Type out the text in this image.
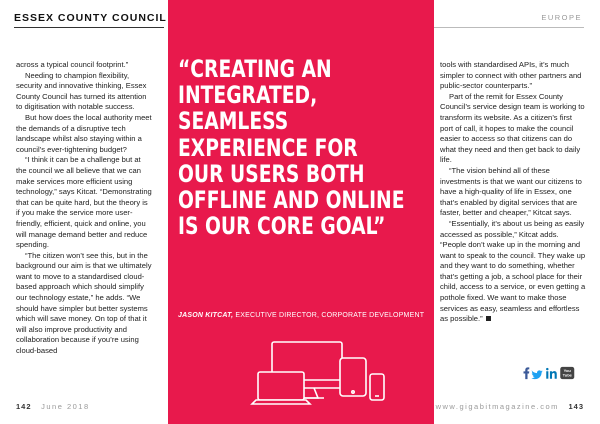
ESSEX COUNTY COUNCIL	EUROPE

across a typical council footprint.”

Needing to champion flexibility, security and innovative thinking, Essex County Council has turned its attention to digitisation with notable success.

But how does the local authority meet the demands of a disruptive tech landscape whilst also staying within a council’s ever-tightening budget?

“I think it can be a challenge but at the council we all believe that we can make services more efficient using technology,” says Kitcat. “Demonstrating that can be quite hard, but the theory is if you make the service more user-friendly, efficient, quick and online, you will manage demand better and reduce spending.

“The citizen won’t see this, but in the background our aim is that we ultimately want to move to a standardised cloud-based approach which should simplify our technology estate,” he adds. “We should have simpler but better systems which will save money. On top of that it will also improve productivity and collaboration because if you’re using cloud-based

“CREATING AN
INTEGRATED,
SEAMLESS
EXPERIENCE FOR
OUR USERS BOTH
OFFLINE AND ONLINE
IS OUR CORE GOAL”
JASON KITCAT, EXECUTIVE DIRECTOR, CORPORATE DEVELOPMENT

tools with standardised APIs, it’s much simpler to connect with other partners and public-sector counterparts.”

Part of the remit for Essex County Council’s service design team is working to transform its website. As a citizen’s first port of call, it hopes to make the council easier to access so that citizens can do what they need and then get back to daily life.

“The vision behind all of these investments is that we want our citizens to have a high-quality of life in Essex, one that’s enabled by digital services that are faster, better and cheaper,” Kitcat says.

“Essentially, it’s about us being as easily accessed as possible,” Kitcat adds. “People don’t wake up in the morning and want to speak to the council. They wake up and they want to do something, whether that’s getting a job, a school place for their child, access to a service, or even getting a pothole fixed. We want to make those services as easy, seamless and effortless as possible.”

You
Tube
142 June 2018	www.gigabitmagazine.com 143
